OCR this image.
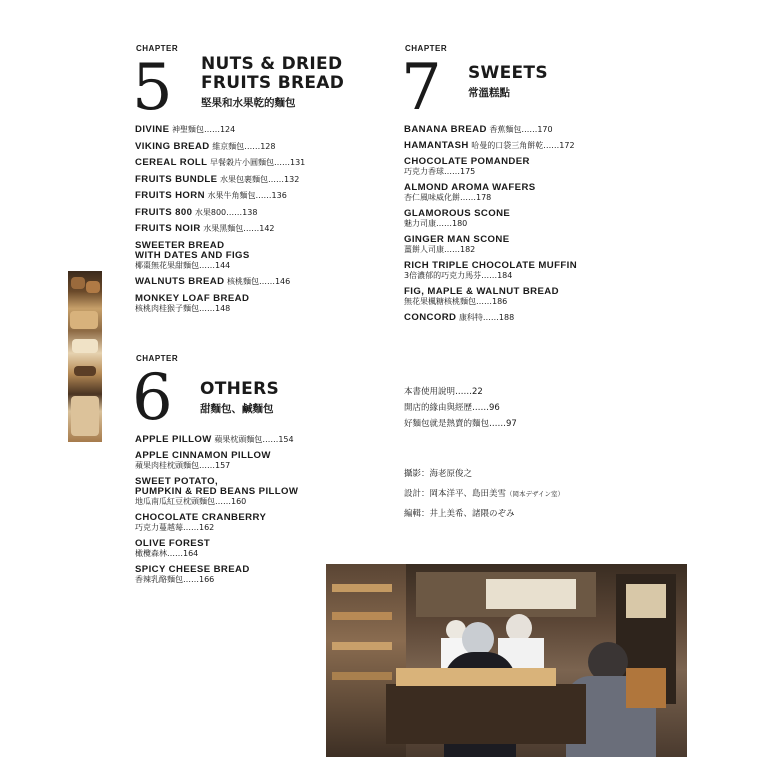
CHAPTER
5 NUTS & DRIED
FRUITS BREAD
堅果和水果乾的麵包
DIVINE 神聖麵包……124
VIKING BREAD 維京麵包……128
CEREAL ROLL 早餐穀片小圓麵包……131
FRUITS BUNDLE 水果包裹麵包……132
FRUITS HORN 水果牛角麵包……136
FRUITS 800 水果800……138
FRUITS NOIR 水果黑麵包……142
SWEETER BREAD
WITH DATES AND FIGS
椰棗無花果甜麵包……144
WALNUTS BREAD 核桃麵包……146
MONKEY LOAF BREAD
核桃肉桂猴子麵包……148
CHAPTER
6 OTHERS
甜麵包、鹹麵包
APPLE PILLOW 蘋果枕頭麵包……154
APPLE CINNAMON PILLOW
蘋果肉桂枕頭麵包……157
SWEET POTATO,
PUMPKIN & RED BEANS PILLOW
地瓜南瓜紅豆枕頭麵包……160
CHOCOLATE CRANBERRY
巧克力蔓越莓……162
OLIVE FOREST
橄欖森林……164
SPICY CHEESE BREAD
香辣乳酪麵包……166
CHAPTER
7 SWEETS
常溫糕點
BANANA BREAD 香蕉麵包……170
HAMANTASH 哈曼的口袋三角餅乾……172
CHOCOLATE POMANDER
巧克力香球……175
ALMOND AROMA WAFERS
杏仁風味威化餅……178
GLAMOROUS SCONE
魅力司康……180
GINGER MAN SCONE
薑餅人司康……182
RICH TRIPLE CHOCOLATE MUFFIN
3倍濃郁的巧克力馬芬……184
FIG, MAPLE & WALNUT BREAD
無花果楓糖核桃麵包……186
CONCORD 康科特……188
本書使用說明……22
開店的緣由與經歷……96
好麵包就是熱賣的麵包……97
攝影：海老原俊之
設計：岡本洋平、島田美雪（岡本デザイン室）
編輯：井上美希、諸隈のぞみ
